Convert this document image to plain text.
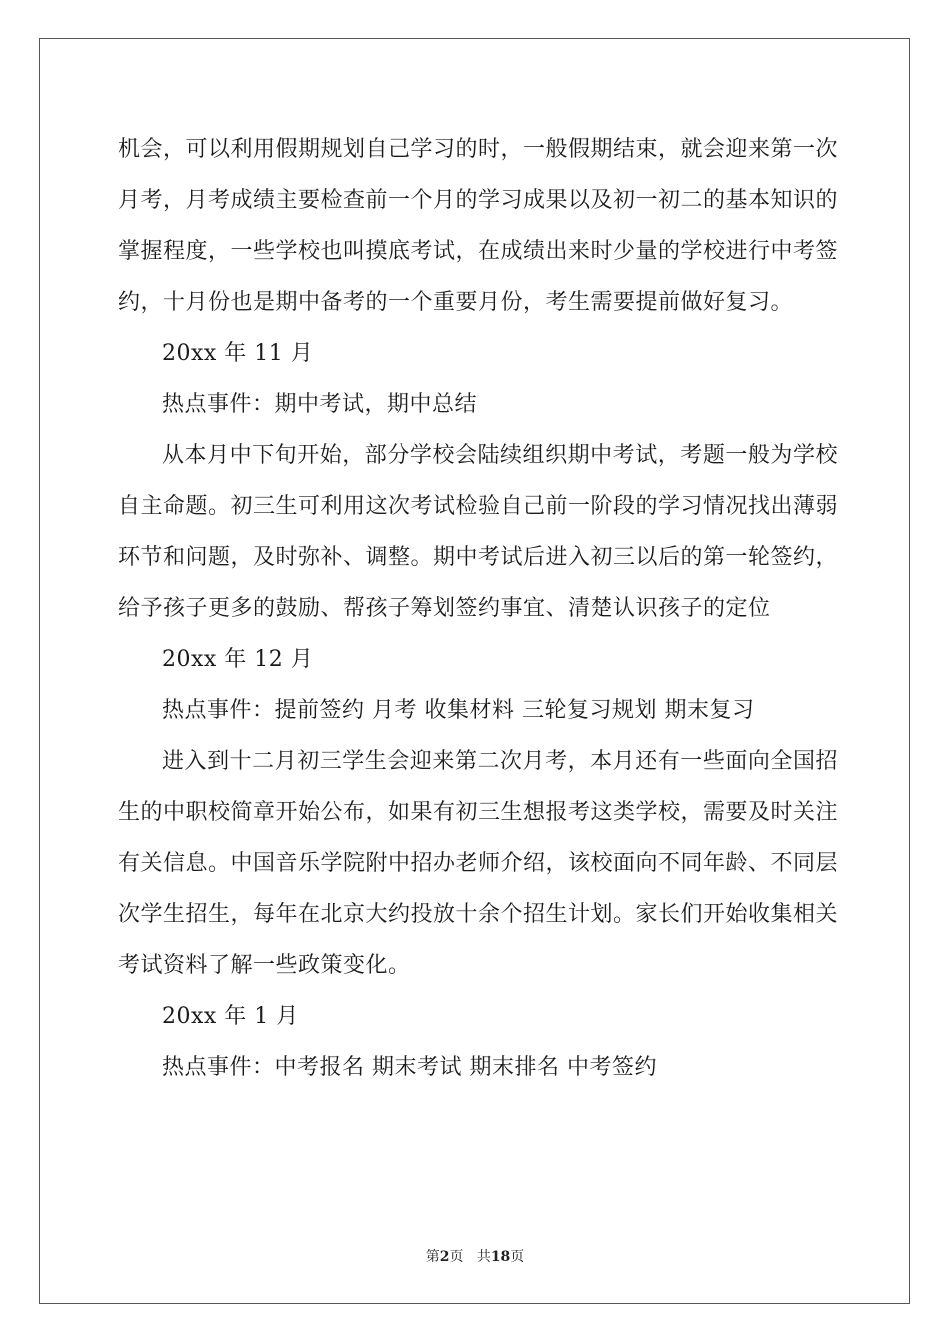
机会，可以利用假期规划自己学习的时，一般假期结束，就会迎来第一次月考，月考成绩主要检查前一个月的学习成果以及初一初二的基本知识的掌握程度，一些学校也叫摸底考试，在成绩出来时少量的学校进行中考签约，十月份也是期中备考的一个重要月份，考生需要提前做好复习。

20xx 年 11 月

热点事件：期中考试，期中总结

从本月中下旬开始，部分学校会陆续组织期中考试，考题一般为学校自主命题。初三生可利用这次考试检验自己前一阶段的学习情况找出薄弱环节和问题，及时弥补、调整。期中考试后进入初三以后的第一轮签约，给予孩子更多的鼓励、帮孩子筹划签约事宜、清楚认识孩子的定位

20xx 年 12 月

热点事件：提前签约 月考 收集材料 三轮复习规划 期末复习

进入到十二月初三学生会迎来第二次月考，本月还有一些面向全国招生的中职校简章开始公布，如果有初三生想报考这类学校，需要及时关注有关信息。中国音乐学院附中招办老师介绍，该校面向不同年龄、不同层次学生招生，每年在北京大约投放十余个招生计划。家长们开始收集相关考试资料了解一些政策变化。

20xx 年 1 月

热点事件：中考报名 期末考试 期末排名 中考签约

第2页 共18页
